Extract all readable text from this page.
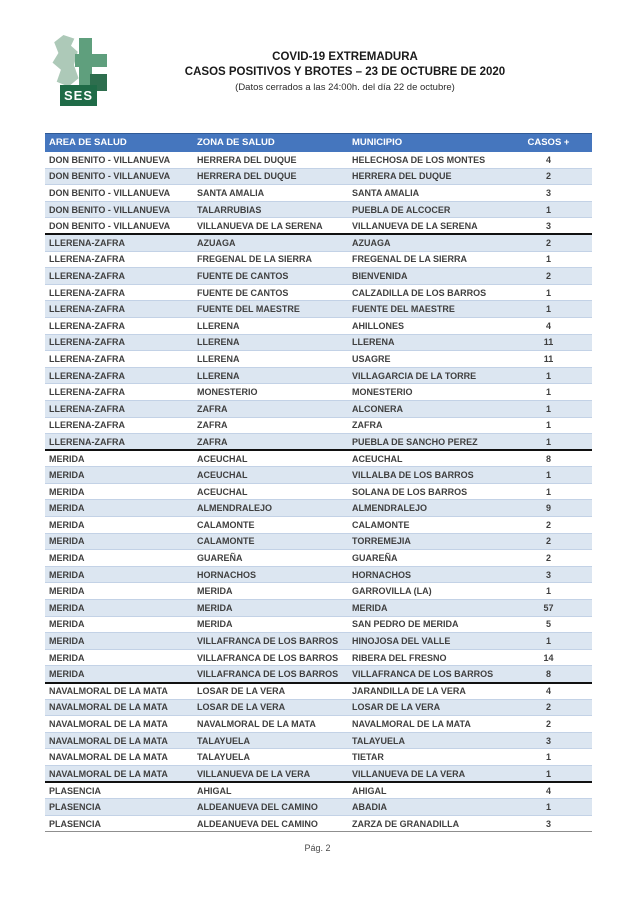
SES
COVID-19 EXTREMADURA
CASOS POSITIVOS Y BROTES – 23 DE OCTUBRE DE 2020
(Datos cerrados a las 24:00h. del día 22 de octubre)
AREA DE SALUD	ZONA DE SALUD	MUNICIPIO	CASOS +
DON BENITO - VILLANUEVA	HERRERA DEL DUQUE	HELECHOSA DE LOS MONTES	4
DON BENITO - VILLANUEVA	HERRERA DEL DUQUE	HERRERA DEL DUQUE	2
DON BENITO - VILLANUEVA	SANTA AMALIA	SANTA AMALIA	3
DON BENITO - VILLANUEVA	TALARRUBIAS	PUEBLA DE ALCOCER	1
DON BENITO - VILLANUEVA	VILLANUEVA DE LA SERENA	VILLANUEVA DE LA SERENA	3
LLERENA-ZAFRA	AZUAGA	AZUAGA	2
LLERENA-ZAFRA	FREGENAL DE LA SIERRA	FREGENAL DE LA SIERRA	1
LLERENA-ZAFRA	FUENTE DE CANTOS	BIENVENIDA	2
LLERENA-ZAFRA	FUENTE DE CANTOS	CALZADILLA DE LOS BARROS	1
LLERENA-ZAFRA	FUENTE DEL MAESTRE	FUENTE DEL MAESTRE	1
LLERENA-ZAFRA	LLERENA	AHILLONES	4
LLERENA-ZAFRA	LLERENA	LLERENA	11
LLERENA-ZAFRA	LLERENA	USAGRE	11
LLERENA-ZAFRA	LLERENA	VILLAGARCIA DE LA TORRE	1
LLERENA-ZAFRA	MONESTERIO	MONESTERIO	1
LLERENA-ZAFRA	ZAFRA	ALCONERA	1
LLERENA-ZAFRA	ZAFRA	ZAFRA	1
LLERENA-ZAFRA	ZAFRA	PUEBLA DE SANCHO PEREZ	1
MERIDA	ACEUCHAL	ACEUCHAL	8
MERIDA	ACEUCHAL	VILLALBA DE LOS BARROS	1
MERIDA	ACEUCHAL	SOLANA DE LOS BARROS	1
MERIDA	ALMENDRALEJO	ALMENDRALEJO	9
MERIDA	CALAMONTE	CALAMONTE	2
MERIDA	CALAMONTE	TORREMEJIA	2
MERIDA	GUAREÑA	GUAREÑA	2
MERIDA	HORNACHOS	HORNACHOS	3
MERIDA	MERIDA	GARROVILLA (LA)	1
MERIDA	MERIDA	MERIDA	57
MERIDA	MERIDA	SAN PEDRO DE MERIDA	5
MERIDA	VILLAFRANCA DE LOS BARROS	HINOJOSA DEL VALLE	1
MERIDA	VILLAFRANCA DE LOS BARROS	RIBERA DEL FRESNO	14
MERIDA	VILLAFRANCA DE LOS BARROS	VILLAFRANCA DE LOS BARROS	8
NAVALMORAL DE LA MATA	LOSAR DE LA VERA	JARANDILLA DE LA VERA	4
NAVALMORAL DE LA MATA	LOSAR DE LA VERA	LOSAR DE LA VERA	2
NAVALMORAL DE LA MATA	NAVALMORAL DE LA MATA	NAVALMORAL DE LA MATA	2
NAVALMORAL DE LA MATA	TALAYUELA	TALAYUELA	3
NAVALMORAL DE LA MATA	TALAYUELA	TIETAR	1
NAVALMORAL DE LA MATA	VILLANUEVA DE LA VERA	VILLANUEVA DE LA VERA	1
PLASENCIA	AHIGAL	AHIGAL	4
PLASENCIA	ALDEANUEVA DEL CAMINO	ABADIA	1
PLASENCIA	ALDEANUEVA DEL CAMINO	ZARZA DE GRANADILLA	3
Pág. 2
